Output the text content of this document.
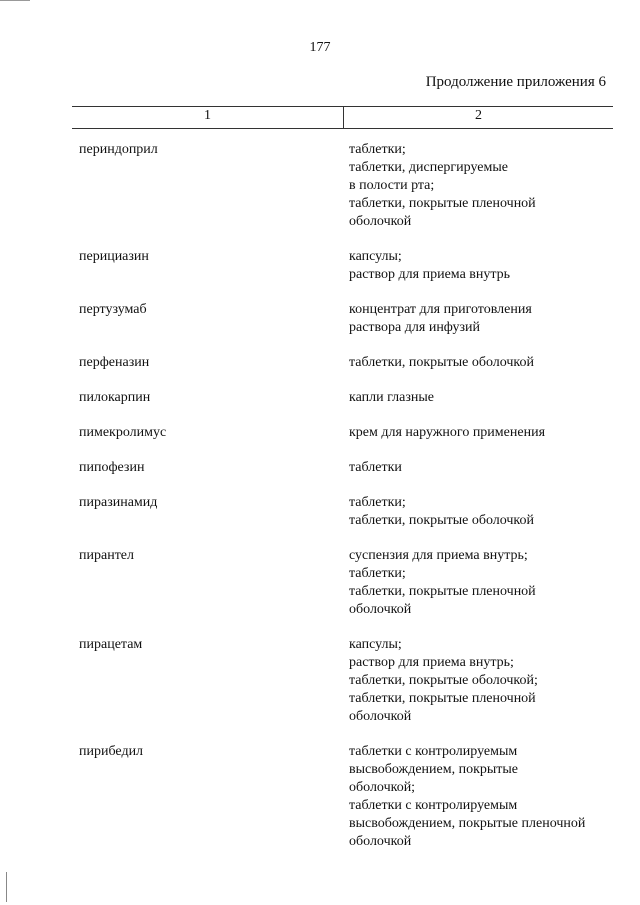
177
Продолжение приложения 6
1	2
периндоприл	таблетки;
таблетки, диспергируемые
в полости рта;
таблетки, покрытые пленочной
оболочкой
перициазин	капсулы;
раствор для приема внутрь
пертузумаб	концентрат для приготовления
раствора для инфузий
перфеназин	таблетки, покрытые оболочкой
пилокарпин	капли глазные
пимекролимус	крем для наружного применения
пипофезин	таблетки
пиразинамид	таблетки;
таблетки, покрытые оболочкой
пирантел	суспензия для приема внутрь;
таблетки;
таблетки, покрытые пленочной
оболочкой
пирацетам	капсулы;
раствор для приема внутрь;
таблетки, покрытые оболочкой;
таблетки, покрытые пленочной
оболочкой
пирибедил	таблетки с контролируемым
высвобождением, покрытые
оболочкой;
таблетки с контролируемым
высвобождением, покрытые пленочной
оболочкой
